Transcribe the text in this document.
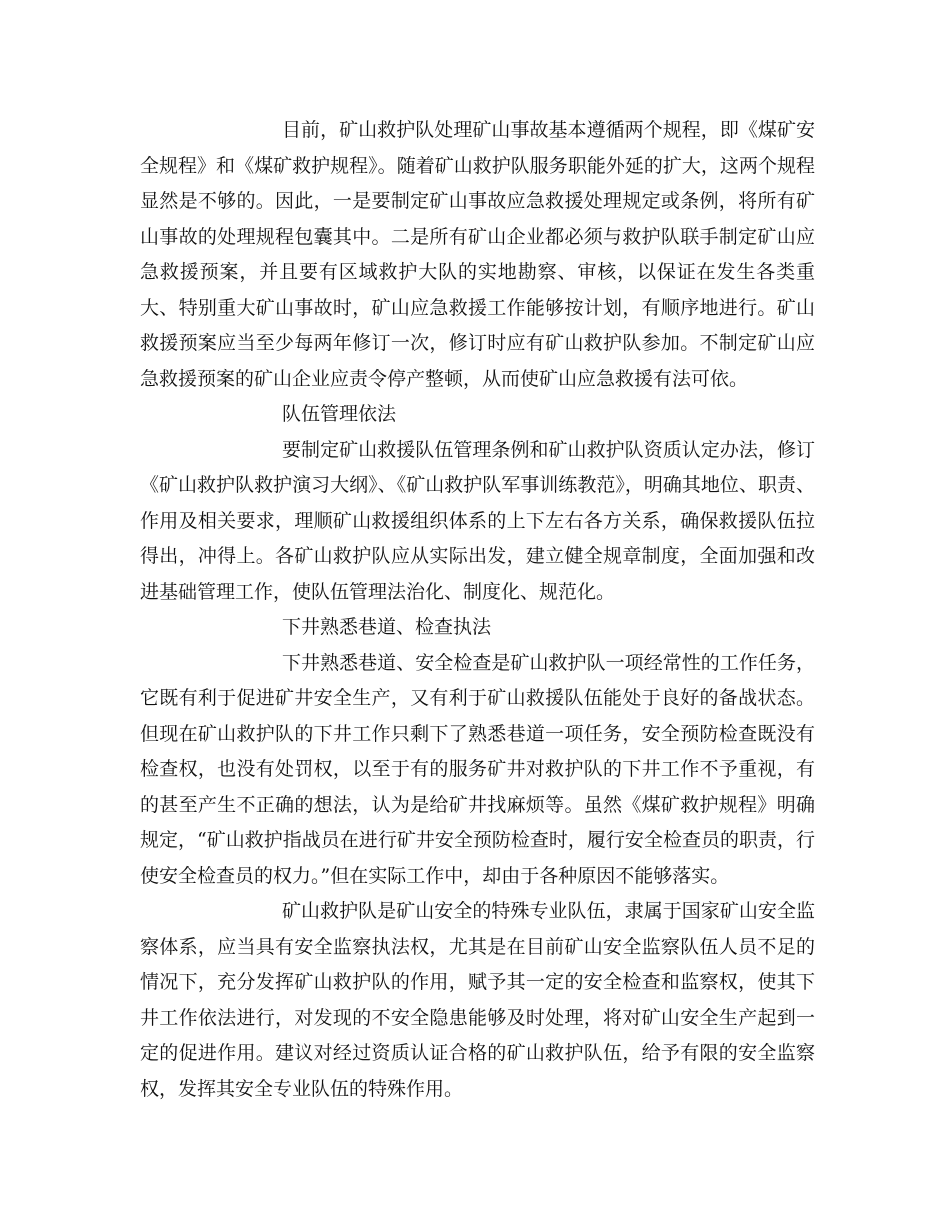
目前，矿山救护队处理矿山事故基本遵循两个规程，即《煤矿安全规程》和《煤矿救护规程》。随着矿山救护队服务职能外延的扩大，这两个规程显然是不够的。因此，一是要制定矿山事故应急救援处理规定或条例，将所有矿山事故的处理规程包囊其中。二是所有矿山企业都必须与救护队联手制定矿山应急救援预案，并且要有区域救护大队的实地勘察、审核，以保证在发生各类重大、特别重大矿山事故时，矿山应急救援工作能够按计划，有顺序地进行。矿山救援预案应当至少每两年修订一次，修订时应有矿山救护队参加。不制定矿山应急救援预案的矿山企业应责令停产整顿，从而使矿山应急救援有法可依。

队伍管理依法

要制定矿山救援队伍管理条例和矿山救护队资质认定办法，修订《矿山救护队救护演习大纲》、《矿山救护队军事训练教范》，明确其地位、职责、作用及相关要求，理顺矿山救援组织体系的上下左右各方关系，确保救援队伍拉得出，冲得上。各矿山救护队应从实际出发，建立健全规章制度，全面加强和改进基础管理工作，使队伍管理法治化、制度化、规范化。

下井熟悉巷道、检查执法

下井熟悉巷道、安全检查是矿山救护队一项经常性的工作任务，它既有利于促进矿井安全生产，又有利于矿山救援队伍能处于良好的备战状态。但现在矿山救护队的下井工作只剩下了熟悉巷道一项任务，安全预防检查既没有检查权，也没有处罚权，以至于有的服务矿井对救护队的下井工作不予重视，有的甚至产生不正确的想法，认为是给矿井找麻烦等。虽然《煤矿救护规程》明确规定，“矿山救护指战员在进行矿井安全预防检查时，履行安全检查员的职责，行使安全检查员的权力。”但在实际工作中，却由于各种原因不能够落实。

矿山救护队是矿山安全的特殊专业队伍，隶属于国家矿山安全监察体系，应当具有安全监察执法权，尤其是在目前矿山安全监察队伍人员不足的情况下，充分发挥矿山救护队的作用，赋予其一定的安全检查和监察权，使其下井工作依法进行，对发现的不安全隐患能够及时处理，将对矿山安全生产起到一定的促进作用。建议对经过资质认证合格的矿山救护队伍，给予有限的安全监察权，发挥其安全专业队伍的特殊作用。
